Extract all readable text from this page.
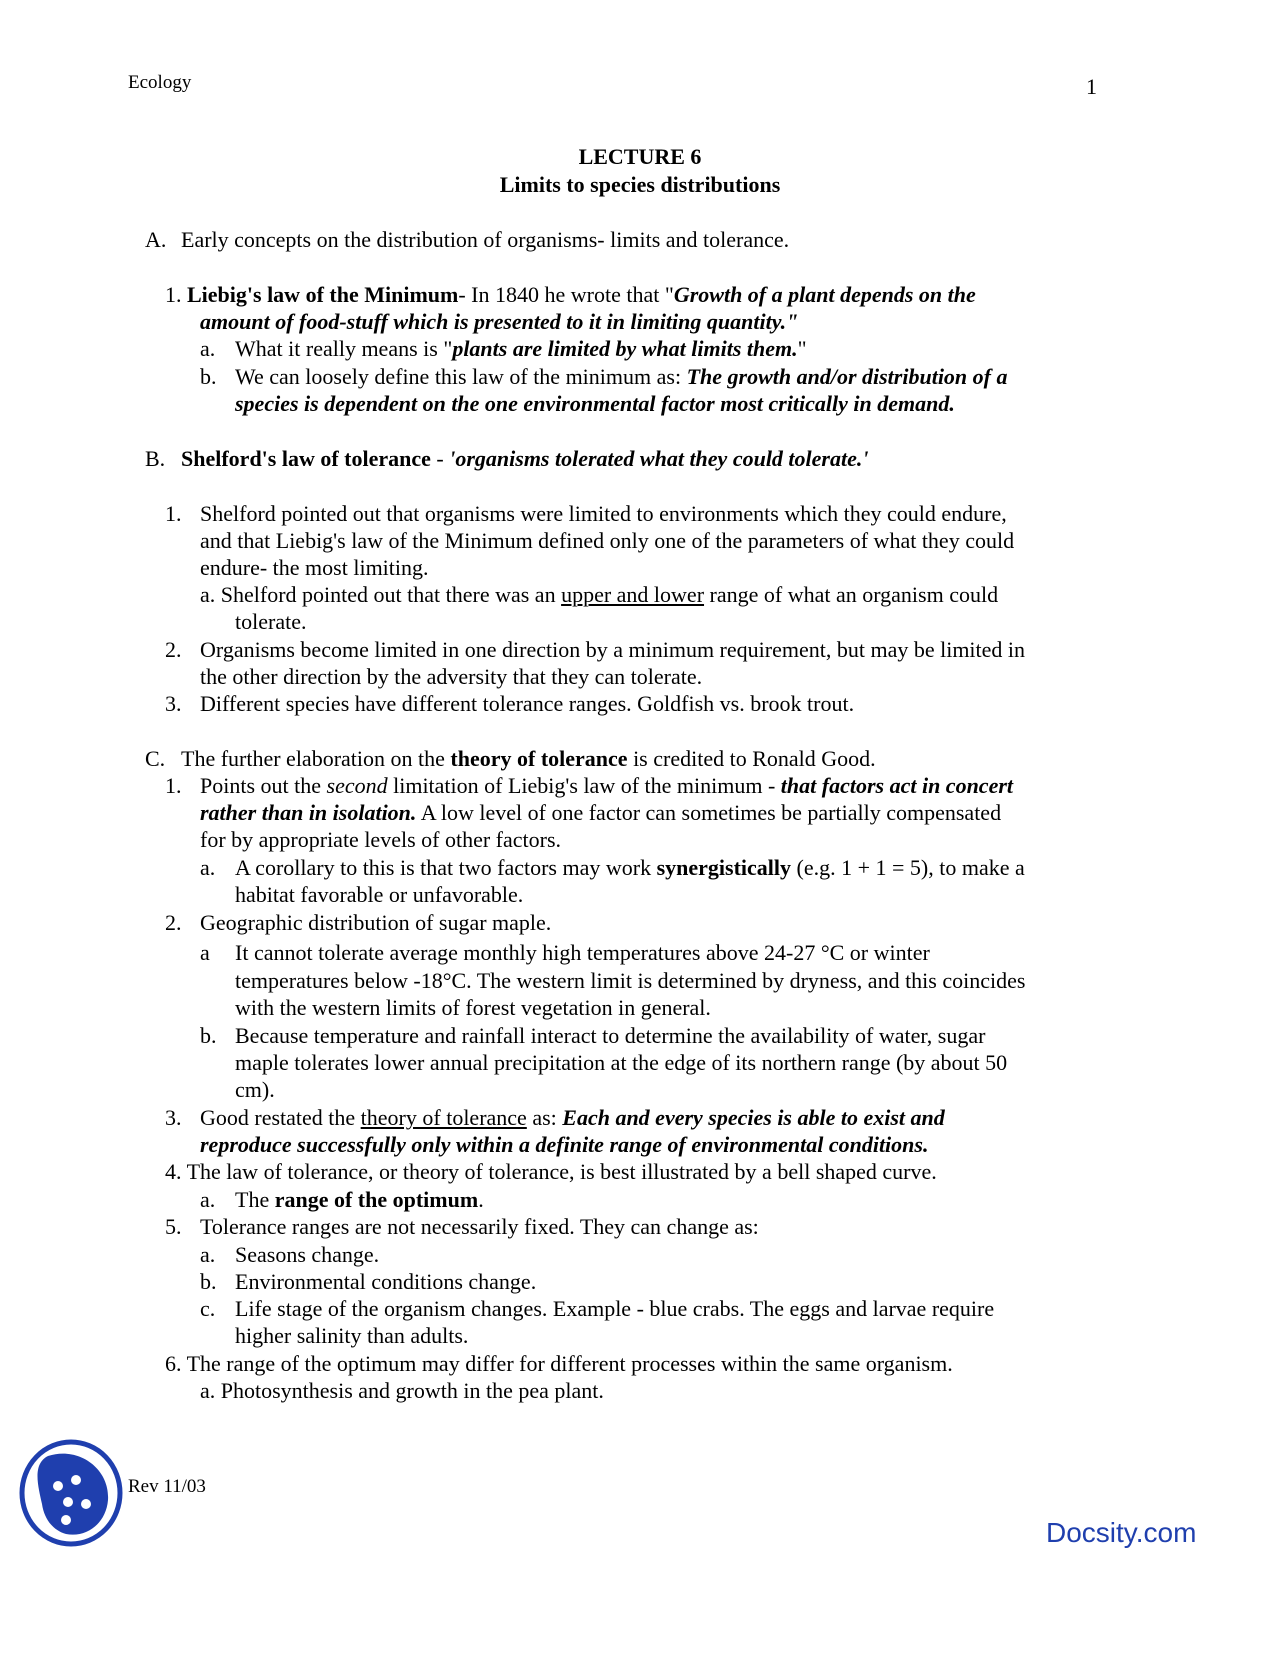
Ecology	1
LECTURE 6
Limits to species distributions
A. Early concepts on the distribution of organisms- limits and tolerance.
1. Liebig's law of the Minimum- In 1840 he wrote that "Growth of a plant depends on the
amount of food-stuff which is presented to it in limiting quantity."
a. What it really means is "plants are limited by what limits them."
b. We can loosely define this law of the minimum as: The growth and/or distribution of a
species is dependent on the one environmental factor most critically in demand.
B. Shelford's law of tolerance - 'organisms tolerated what they could tolerate.'
1. Shelford pointed out that organisms were limited to environments which they could endure,
and that Liebig's law of the Minimum defined only one of the parameters of what they could
endure- the most limiting.
a. Shelford pointed out that there was an upper and lower range of what an organism could
tolerate.
2. Organisms become limited in one direction by a minimum requirement, but may be limited in
the other direction by the adversity that they can tolerate.
3. Different species have different tolerance ranges. Goldfish vs. brook trout.
C. The further elaboration on the theory of tolerance is credited to Ronald Good.
1. Points out the second limitation of Liebig's law of the minimum - that factors act in concert
rather than in isolation. A low level of one factor can sometimes be partially compensated
for by appropriate levels of other factors.
a. A corollary to this is that two factors may work synergistically (e.g. 1 + 1 = 5), to make a
habitat favorable or unfavorable.
2. Geographic distribution of sugar maple.
a It cannot tolerate average monthly high temperatures above 24-27 °C or winter
temperatures below -18°C. The western limit is determined by dryness, and this coincides
with the western limits of forest vegetation in general.
b. Because temperature and rainfall interact to determine the availability of water, sugar
maple tolerates lower annual precipitation at the edge of its northern range (by about 50
cm).
3. Good restated the theory of tolerance as: Each and every species is able to exist and
reproduce successfully only within a definite range of environmental conditions.
4. The law of tolerance, or theory of tolerance, is best illustrated by a bell shaped curve.
a. The range of the optimum.
5. Tolerance ranges are not necessarily fixed. They can change as:
a. Seasons change.
b. Environmental conditions change.
c. Life stage of the organism changes. Example - blue crabs. The eggs and larvae require
higher salinity than adults.
6. The range of the optimum may differ for different processes within the same organism.
a. Photosynthesis and growth in the pea plant.
Rev 11/03
Docsity.com
